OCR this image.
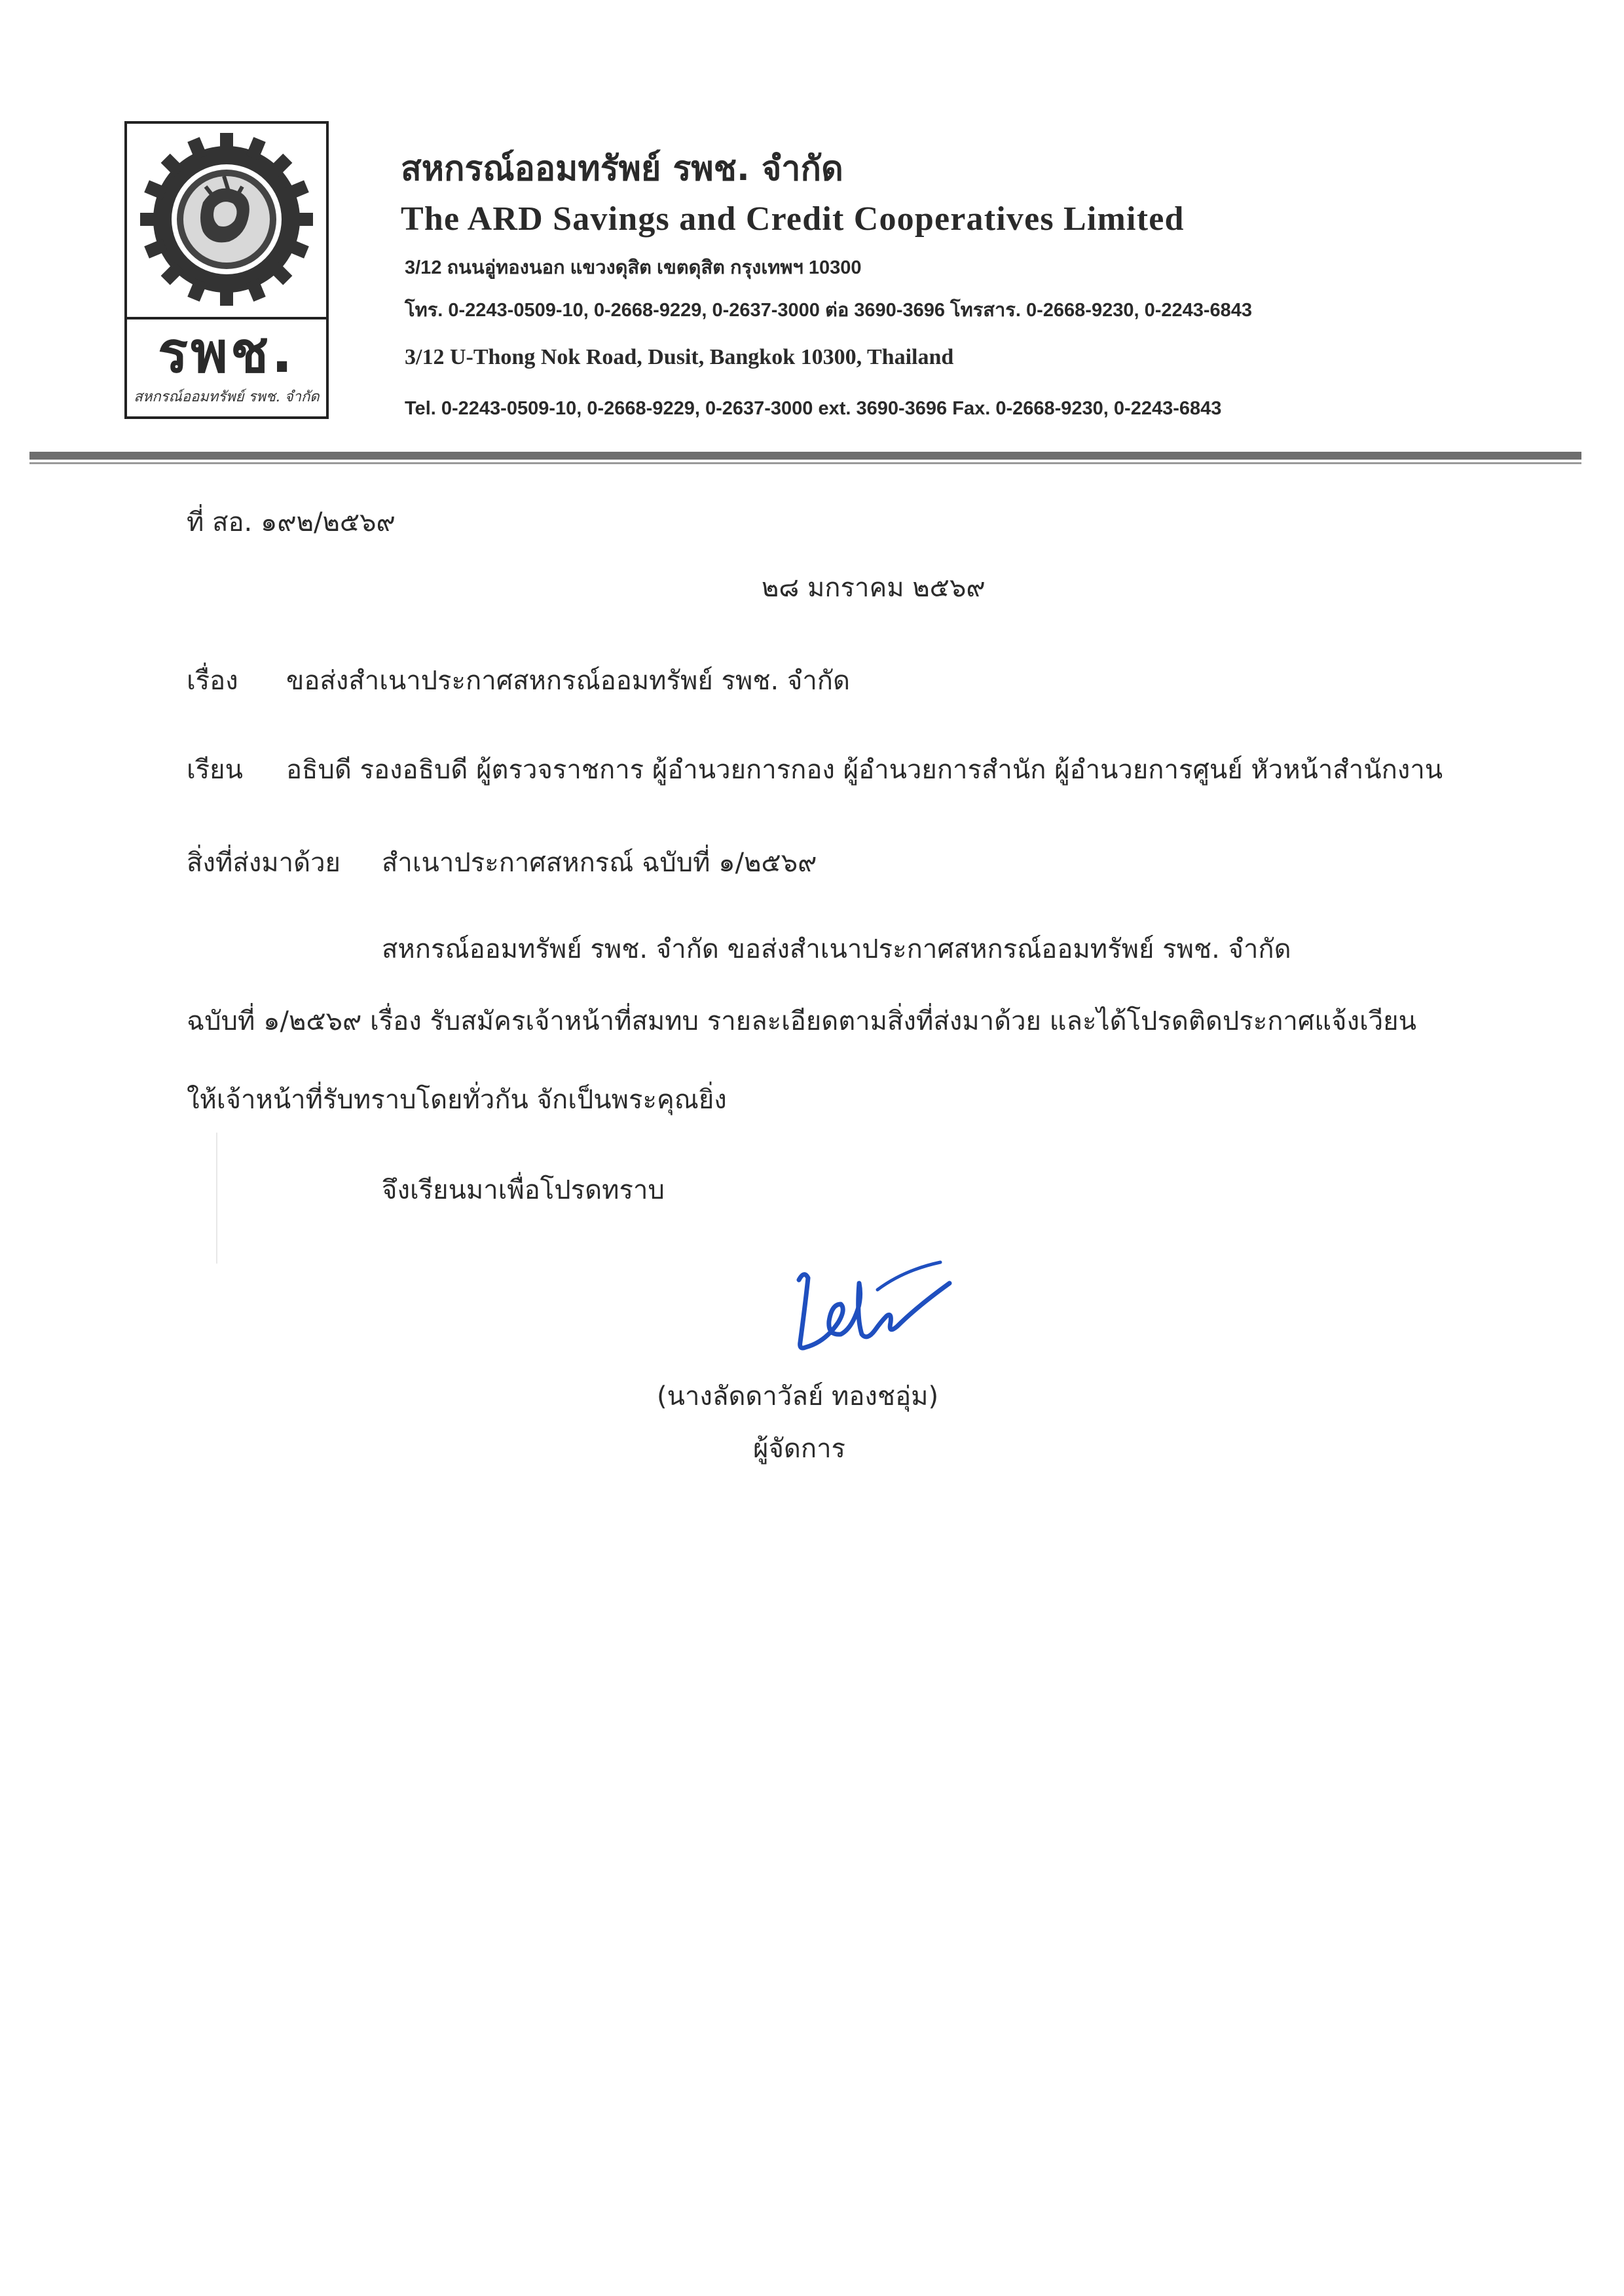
รพช.
สหกรณ์ออมทรัพย์ รพช. จำกัด
สหกรณ์ออมทรัพย์ รพช. จำกัด
The ARD Savings and Credit Cooperatives Limited
3/12 ถนนอู่ทองนอก แขวงดุสิต เขตดุสิต กรุงเทพฯ 10300
โทร. 0-2243-0509-10, 0-2668-9229, 0-2637-3000 ต่อ 3690-3696 โทรสาร. 0-2668-9230, 0-2243-6843
3/12 U-Thong Nok Road, Dusit, Bangkok 10300, Thailand
Tel. 0-2243-0509-10, 0-2668-9229, 0-2637-3000 ext. 3690-3696 Fax. 0-2668-9230, 0-2243-6843
ที่ สอ. ๑๙๒/๒๕๖๙
๒๘ มกราคม ๒๕๖๙
เรื่อง ขอส่งสำเนาประกาศสหกรณ์ออมทรัพย์ รพช. จำกัด
เรียน อธิบดี รองอธิบดี ผู้ตรวจราชการ ผู้อำนวยการกอง ผู้อำนวยการสำนัก ผู้อำนวยการศูนย์ หัวหน้าสำนักงาน
สิ่งที่ส่งมาด้วย สำเนาประกาศสหกรณ์ ฉบับที่ ๑/๒๕๖๙
สหกรณ์ออมทรัพย์ รพช. จำกัด ขอส่งสำเนาประกาศสหกรณ์ออมทรัพย์ รพช. จำกัด
ฉบับที่ ๑/๒๕๖๙ เรื่อง รับสมัครเจ้าหน้าที่สมทบ รายละเอียดตามสิ่งที่ส่งมาด้วย และได้โปรดติดประกาศแจ้งเวียน
ให้เจ้าหน้าที่รับทราบโดยทั่วกัน จักเป็นพระคุณยิ่ง
จึงเรียนมาเพื่อโปรดทราบ
(นางลัดดาวัลย์ ทองชอุ่ม)
ผู้จัดการ
